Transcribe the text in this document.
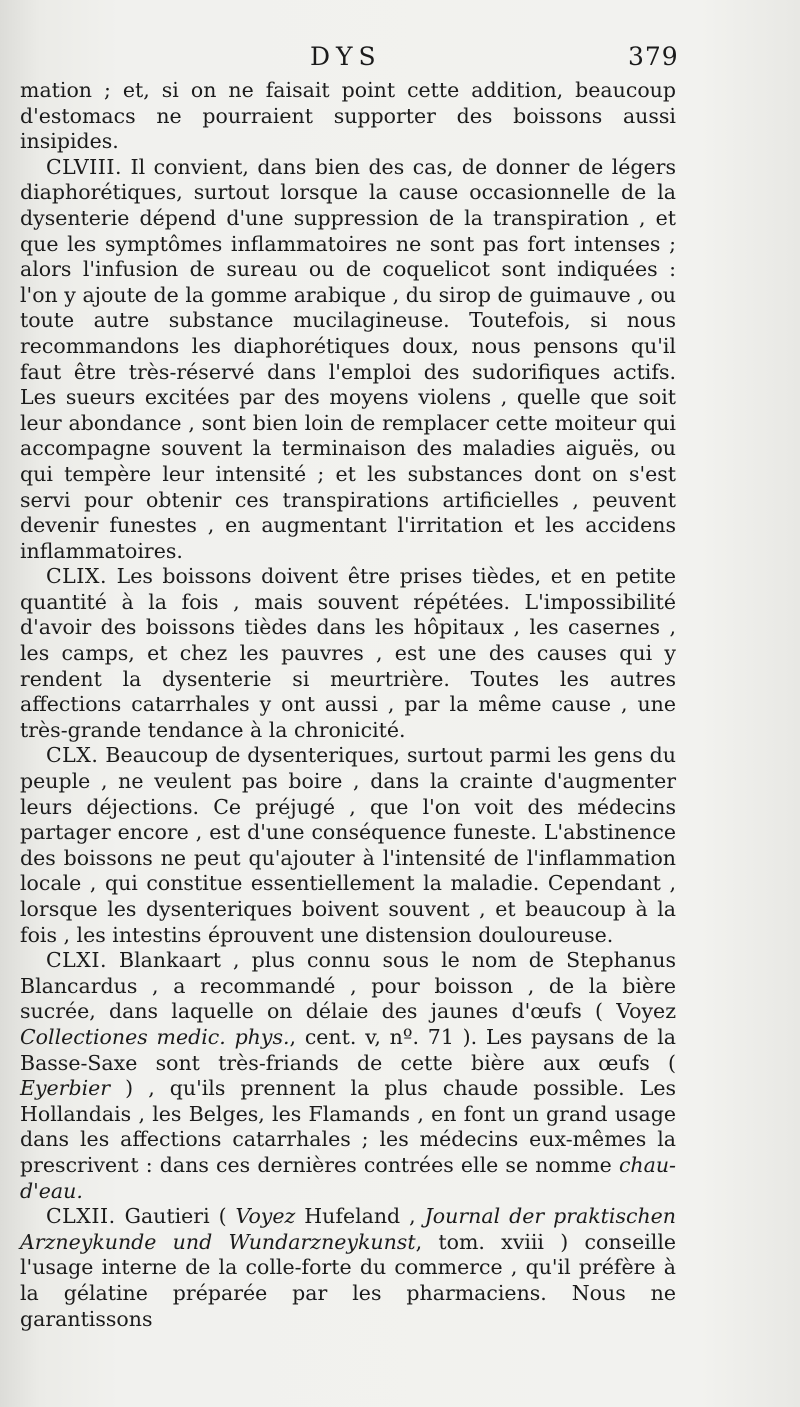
DYS	379

mation ; et, si on ne faisait point cette addition, beaucoup d'estomacs ne pourraient supporter des boissons aussi insipides.

CLVIII. Il convient, dans bien des cas, de donner de légers diaphorétiques, surtout lorsque la cause occasionnelle de la dysenterie dépend d'une suppression de la transpiration , et que les symptômes inflammatoires ne sont pas fort intenses ; alors l'infusion de sureau ou de coquelicot sont indiquées : l'on y ajoute de la gomme arabique , du sirop de guimauve , ou toute autre substance mucilagineuse. Toutefois, si nous recommandons les diaphorétiques doux, nous pensons qu'il faut être très-réservé dans l'emploi des sudorifiques actifs. Les sueurs excitées par des moyens violens , quelle que soit leur abondance , sont bien loin de remplacer cette moiteur qui accompagne souvent la terminaison des maladies aiguës, ou qui tempère leur intensité ; et les substances dont on s'est servi pour obtenir ces transpirations artificielles , peuvent devenir funestes , en augmentant l'irritation et les accidens inflammatoires.

CLIX. Les boissons doivent être prises tièdes, et en petite quantité à la fois , mais souvent répétées. L'impossibilité d'avoir des boissons tièdes dans les hôpitaux , les casernes , les camps, et chez les pauvres , est une des causes qui y rendent la dysenterie si meurtrière. Toutes les autres affections catarrhales y ont aussi , par la même cause , une très-grande tendance à la chronicité.

CLX. Beaucoup de dysenteriques, surtout parmi les gens du peuple , ne veulent pas boire , dans la crainte d'augmenter leurs déjections. Ce préjugé , que l'on voit des médecins partager encore , est d'une conséquence funeste. L'abstinence des boissons ne peut qu'ajouter à l'intensité de l'inflammation locale , qui constitue essentiellement la maladie. Cependant , lorsque les dysenteriques boivent souvent , et beaucoup à la fois , les intestins éprouvent une distension douloureuse.

CLXI. Blankaart , plus connu sous le nom de Stephanus Blancardus , a recommandé , pour boisson , de la bière sucrée, dans laquelle on délaie des jaunes d'œufs ( Voyez Collectiones medic. phys., cent. v, nº. 71 ). Les paysans de la Basse-Saxe sont très-friands de cette bière aux œufs ( Eyerbier ) , qu'ils prennent la plus chaude possible. Les Hollandais , les Belges, les Flamands , en font un grand usage dans les affections catarrhales ; les médecins eux-mêmes la prescrivent : dans ces dernières contrées elle se nomme chau-d'eau.

CLXII. Gautieri ( Voyez Hufeland , Journal der praktischen Arzneykunde und Wundarzneykunst, tom. xviii ) conseille l'usage interne de la colle-forte du commerce , qu'il préfère à la gélatine préparée par les pharmaciens. Nous ne garantissons
